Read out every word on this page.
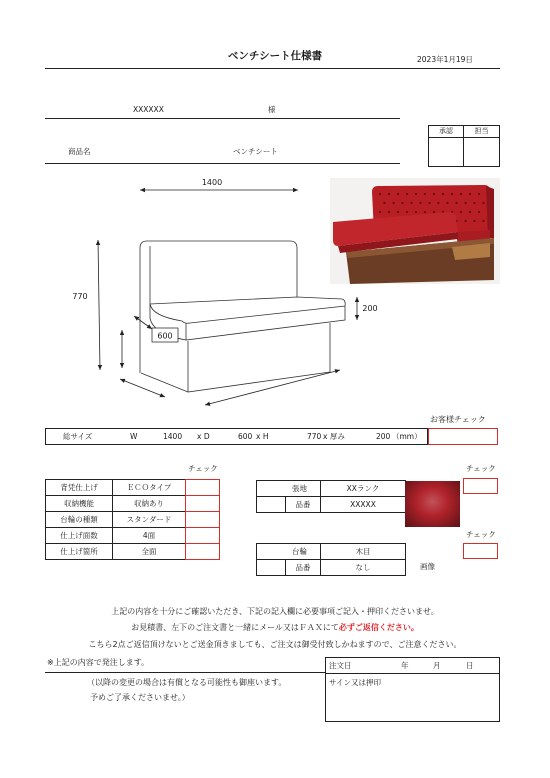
ベンチシート仕様書	2023年1月19日
XXXXXX	様
承認	担当
商品名	ベンチシート
1400
770
200
600
お客様チェック
総サイズ	W	1400 x D	600 x H	770 x 厚み	200 （mm）
チェック
背凭仕上げ	ＥＣＯタイプ
収納機能	収納あり
台輪の種類	スタンダード
仕上げ面数	4面
仕上げ箇所	全面
チェック
張地		XXランク
	品番	XXXXX
チェック
台輪		木目
	品番	なし	画像
上記の内容を十分にご確認いただき、下記の記入欄に必要事項ご記入・押印くださいませ。
お見積書、左下のご注文書と一緒にメール又はＦＡＸにて必ずご返信ください。
こちら2点ご返信頂けないとご送金頂きましても、ご注文は御受付致しかねますので、ご注意ください。
※上記の内容で発注します。
（以降の変更の場合は有償となる可能性も御座います。
予めご了承くださいませ。）
注文日	年	月	日
サイン又は押印
